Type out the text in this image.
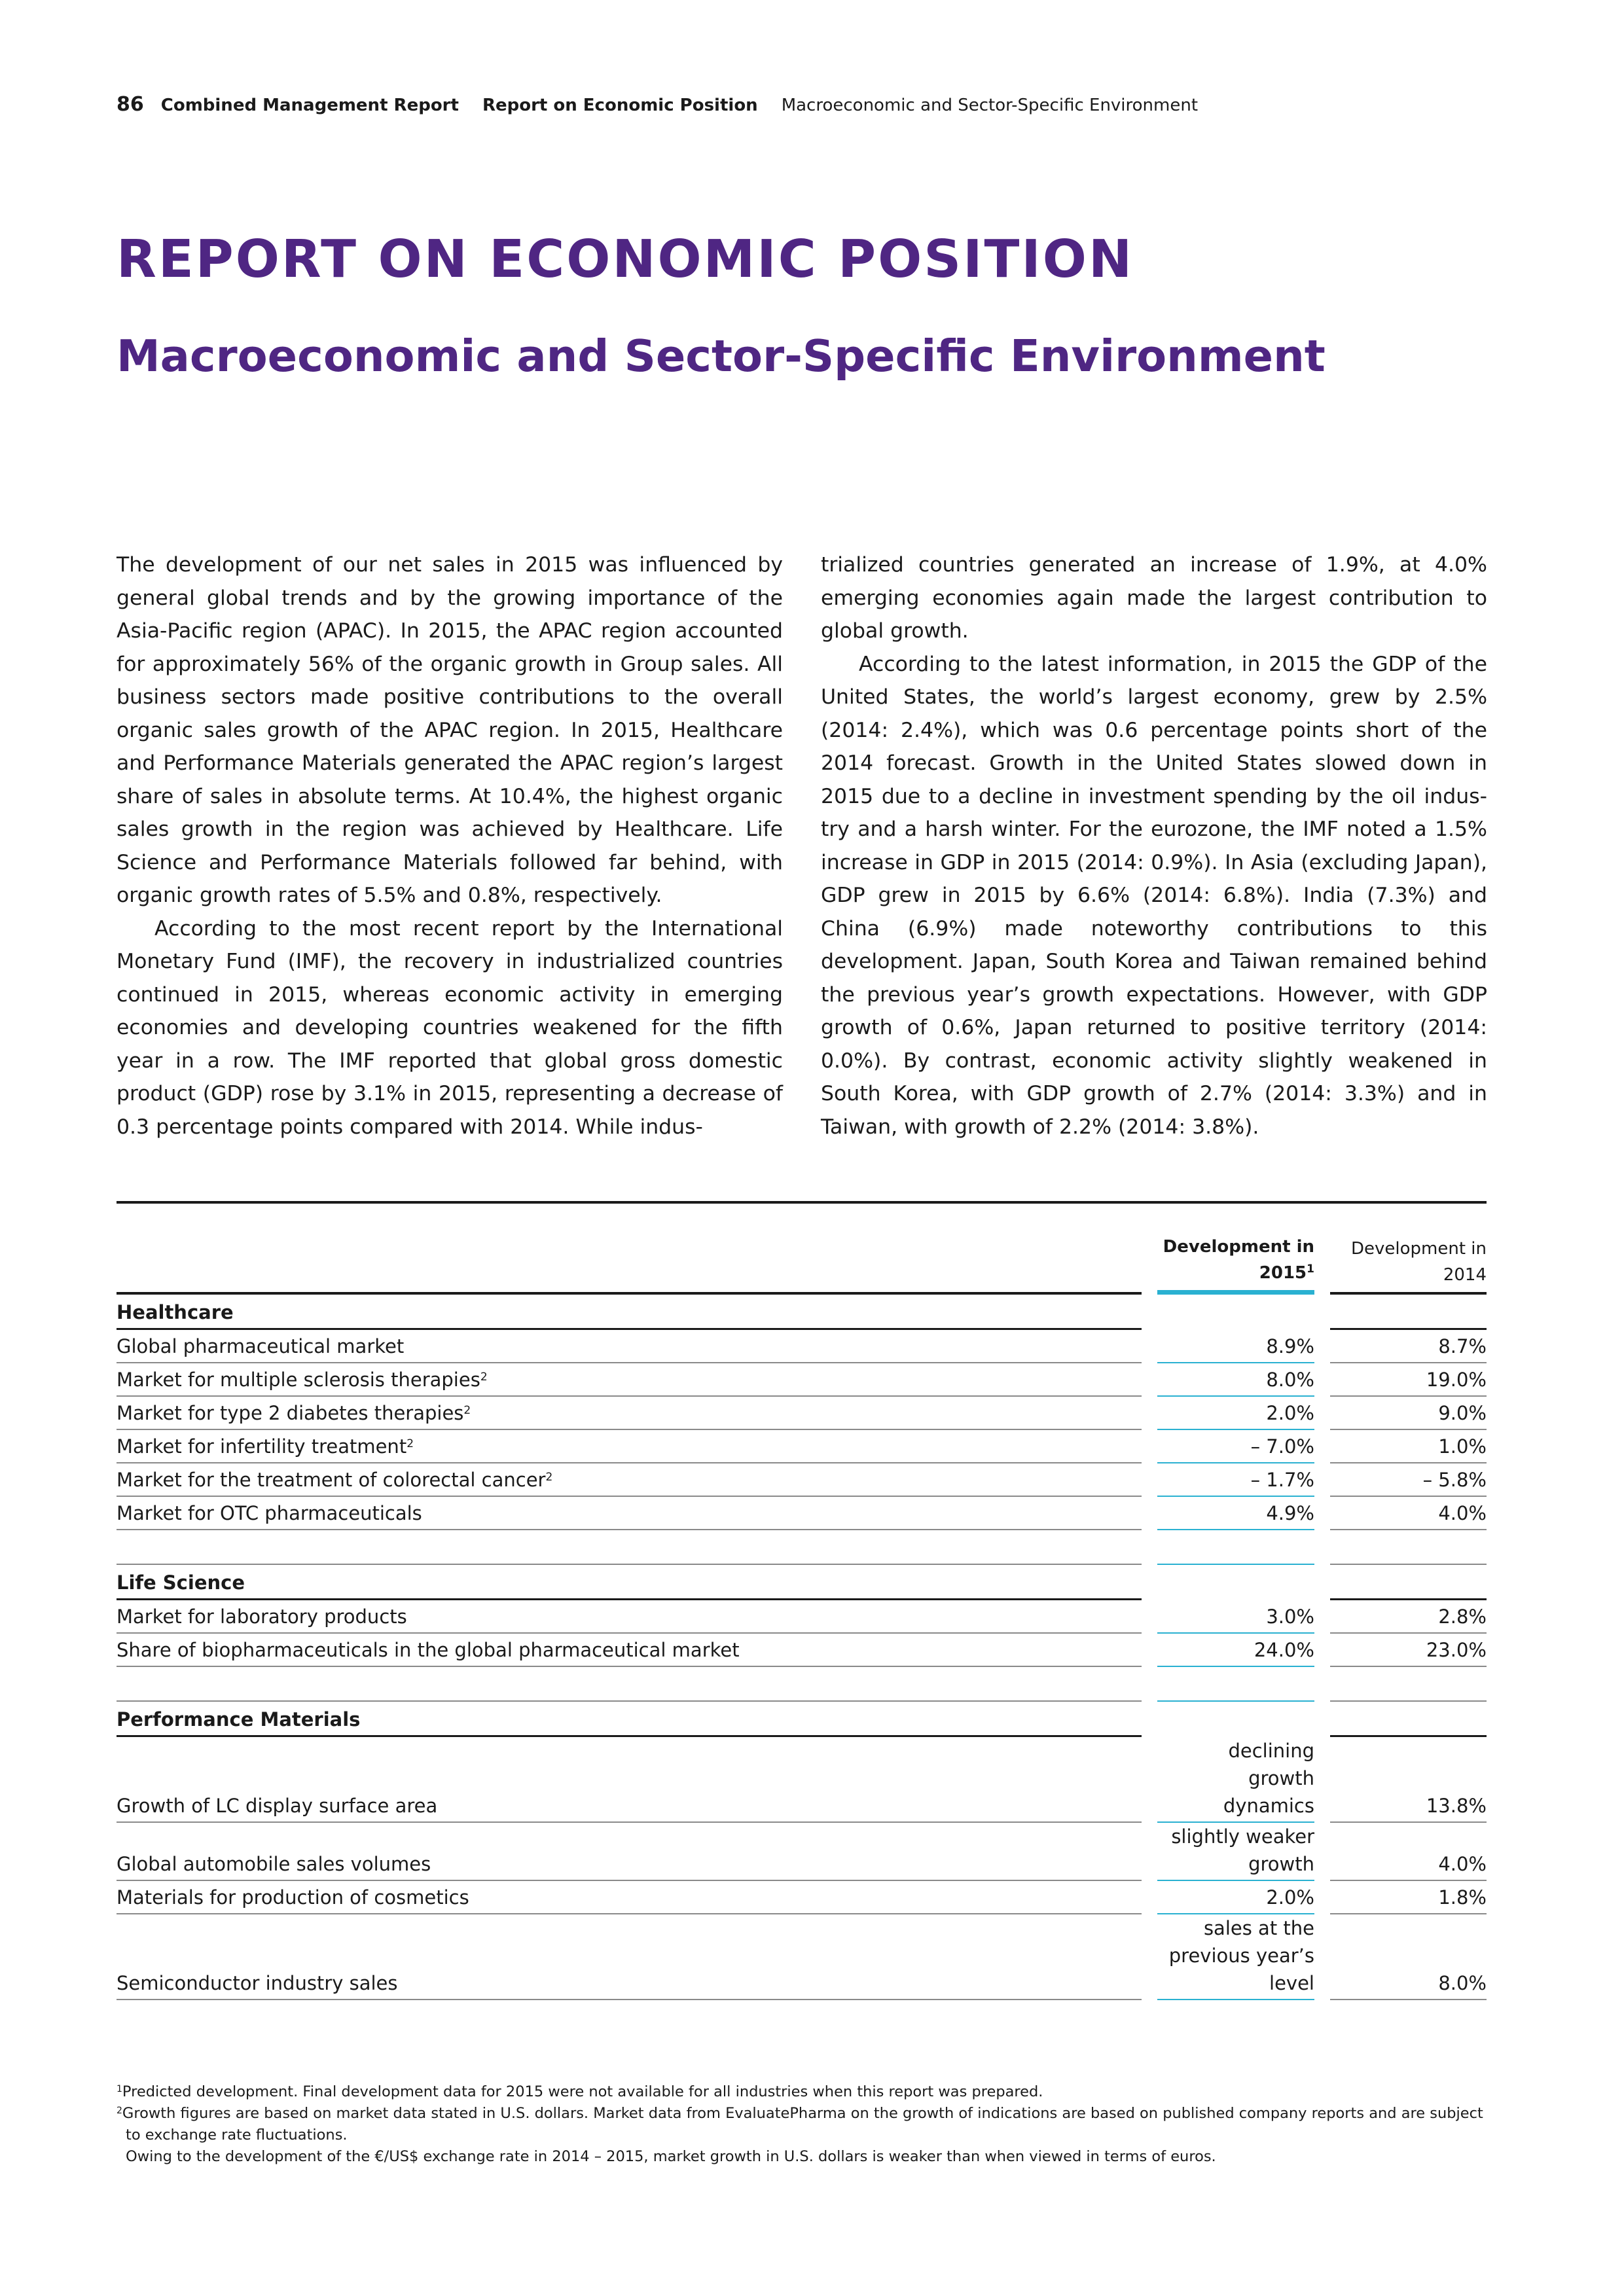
86 Combined Management Report Report on Economic Position Macroeconomic and Sector-Specific Environment
REPORT ON ECONOMIC POSITION
Macroeconomic and Sector-Specific Environment

The development of our net sales in 2015 was influenced by general global trends and by the growing importance of the Asia-Pacific region (APAC). In 2015, the APAC region accounted for approximately 56% of the organic growth in Group sales. All business sectors made positive contributions to the overall organic sales growth of the APAC region. In 2015, Healthcare and Performance Materials generated the APAC region’s largest share of sales in absolute terms. At 10.4%, the highest organic sales growth in the region was achieved by Healthcare. Life Science and Performance Materials followed far behind, with organic growth rates of 5.5% and 0.8%, respectively.

According to the most recent report by the International Monetary Fund (IMF), the recovery in industrialized countries continued in 2015, whereas economic activity in emerging economies and developing countries weakened for the fifth year in a row. The IMF reported that global gross domestic product (GDP) rose by 3.1% in 2015, representing a decrease of 0.3 percentage points compared with 2014. While indus-

trialized countries generated an increase of 1.9%, at 4.0% emerging economies again made the largest contribution to global growth.

According to the latest information, in 2015 the GDP of the United States, the world’s largest economy, grew by 2.5% (2014: 2.4%), which was 0.6 percentage points short of the 2014 forecast. Growth in the United States slowed down in 2015 due to a decline in investment spending by the oil industry and a harsh winter. For the eurozone, the IMF noted a 1.5% increase in GDP in 2015 (2014: 0.9%). In Asia (excluding Japan), GDP grew in 2015 by 6.6% (2014: 6.8%). India (7.3%) and China (6.9%) made noteworthy contributions to this development. Japan, South Korea and Taiwan remained behind the previous year’s growth expectations. However, with GDP growth of 0.6%, Japan returned to positive territory (2014: 0.0%). By contrast, economic activity slightly weakened in South Korea, with GDP growth of 2.7% (2014: 3.3%) and in Taiwan, with growth of 2.2% (2014: 3.8%).

		Development in
2015$^1$		Development in
2014
Healthcare				
Global pharmaceutical market		8.9%		8.7%
Market for multiple sclerosis therapies$^2$		8.0%		19.0%
Market for type 2 diabetes therapies$^2$		2.0%		9.0%
Market for infertility treatment$^2$		– 7.0%		1.0%
Market for the treatment of colorectal cancer$^2$		– 1.7%		– 5.8%
Market for OTC pharmaceuticals		4.9%		4.0%

Life Science				
Market for laboratory products		3.0%		2.8%
Share of biopharmaceuticals in the global pharmaceutical market		24.0%		23.0%

Performance Materials				
Growth of LC display surface area		declining
growth
dynamics		13.8%
Global automobile sales volumes		slightly weaker
growth		4.0%
Materials for production of cosmetics		2.0%		1.8%
Semiconductor industry sales		sales at the
previous year’s
level		8.0%

$^1$Predicted development. Final development data for 2015 were not available for all industries when this report was prepared.

$^2$Growth figures are based on market data stated in U.S. dollars. Market data from EvaluatePharma on the growth of indications are based on published company reports and are subject to exchange rate fluctuations.

Owing to the development of the €/US$ exchange rate in 2014 – 2015, market growth in U.S. dollars is weaker than when viewed in terms of euros.
